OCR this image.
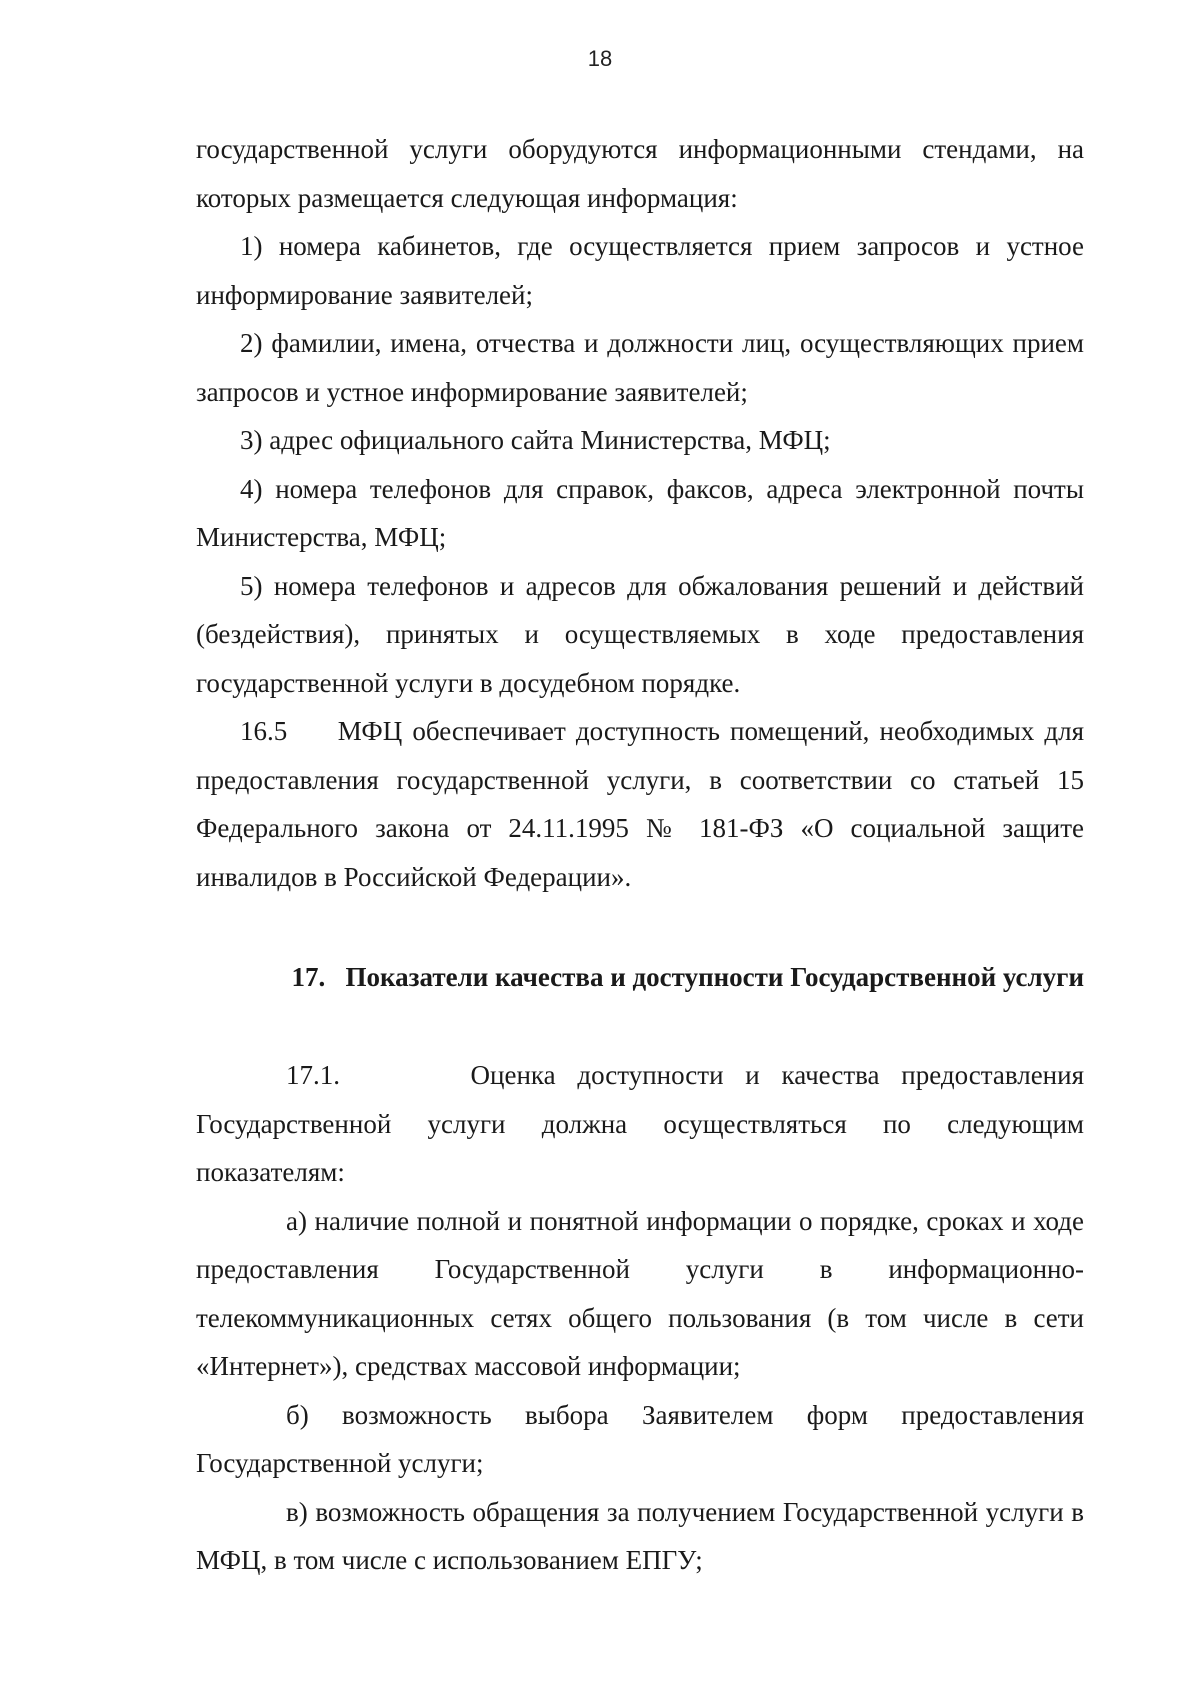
18

государственной услуги оборудуются информационными стендами, на которых размещается следующая информация:

1) номера кабинетов, где осуществляется прием запросов и устное информирование заявителей;

2) фамилии, имена, отчества и должности лиц, осуществляющих прием запросов и устное информирование заявителей;

3) адрес официального сайта Министерства, МФЦ;

4) номера телефонов для справок, факсов, адреса электронной почты Министерства, МФЦ;

5) номера телефонов и адресов для обжалования решений и действий (бездействия), принятых и осуществляемых в ходе предоставления государственной услуги в досудебном порядке.

16.5     МФЦ обеспечивает доступность помещений, необходимых для предоставления государственной услуги, в соответствии со статьей 15 Федерального закона от 24.11.1995 № 181-ФЗ «О социальной защите инвалидов в Российской Федерации».

17.   Показатели качества и доступности Государственной услуги

17.1.      Оценка доступности и качества предоставления Государственной услуги должна осуществляться по следующим показателям:

а) наличие полной и понятной информации о порядке, сроках и ходе предоставления Государственной услуги в информационно-телекоммуникационных сетях общего пользования (в том числе в сети «Интернет»), средствах массовой информации;

б) возможность выбора Заявителем форм предоставления Государственной услуги;

в) возможность обращения за получением Государственной услуги в МФЦ, в том числе с использованием ЕПГУ;
